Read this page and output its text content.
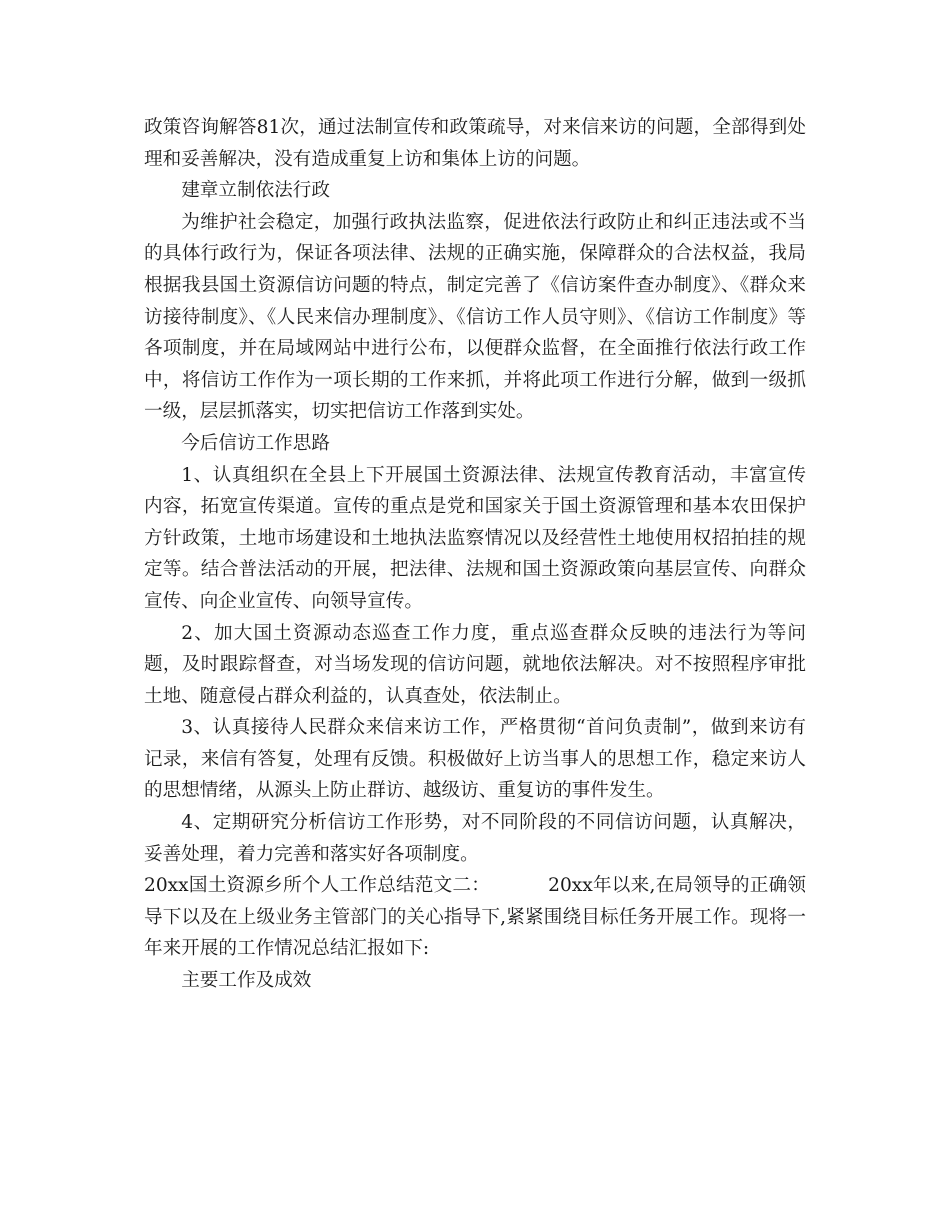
政策咨询解答81次，通过法制宣传和政策疏导，对来信来访的问题，全部得到处理和妥善解决，没有造成重复上访和集体上访的问题。

建章立制依法行政

为维护社会稳定，加强行政执法监察，促进依法行政防止和纠正违法或不当的具体行政行为，保证各项法律、法规的正确实施，保障群众的合法权益，我局根据我县国土资源信访问题的特点，制定完善了《信访案件查办制度》、《群众来访接待制度》、《人民来信办理制度》、《信访工作人员守则》、《信访工作制度》等各项制度，并在局域网站中进行公布，以便群众监督，在全面推行依法行政工作中，将信访工作作为一项长期的工作来抓，并将此项工作进行分解，做到一级抓一级，层层抓落实，切实把信访工作落到实处。

今后信访工作思路

1、认真组织在全县上下开展国土资源法律、法规宣传教育活动，丰富宣传内容，拓宽宣传渠道。宣传的重点是党和国家关于国土资源管理和基本农田保护方针政策，土地市场建设和土地执法监察情况以及经营性土地使用权招拍挂的规定等。结合普法活动的开展，把法律、法规和国土资源政策向基层宣传、向群众宣传、向企业宣传、向领导宣传。

2、加大国土资源动态巡查工作力度，重点巡查群众反映的违法行为等问题，及时跟踪督查，对当场发现的信访问题，就地依法解决。对不按照程序审批土地、随意侵占群众利益的，认真查处，依法制止。

3、认真接待人民群众来信来访工作，严格贯彻“首问负责制”，做到来访有记录，来信有答复，处理有反馈。积极做好上访当事人的思想工作，稳定来访人的思想情绪，从源头上防止群访、越级访、重复访的事件发生。

4、定期研究分析信访工作形势，对不同阶段的不同信访问题，认真解决，妥善处理，着力完善和落实好各项制度。

20xx国土资源乡所个人工作总结范文二：	20xx年以来,在局领导的正确领导下以及在上级业务主管部门的关心指导下,紧紧围绕目标任务开展工作。现将一年来开展的工作情况总结汇报如下:

主要工作及成效
